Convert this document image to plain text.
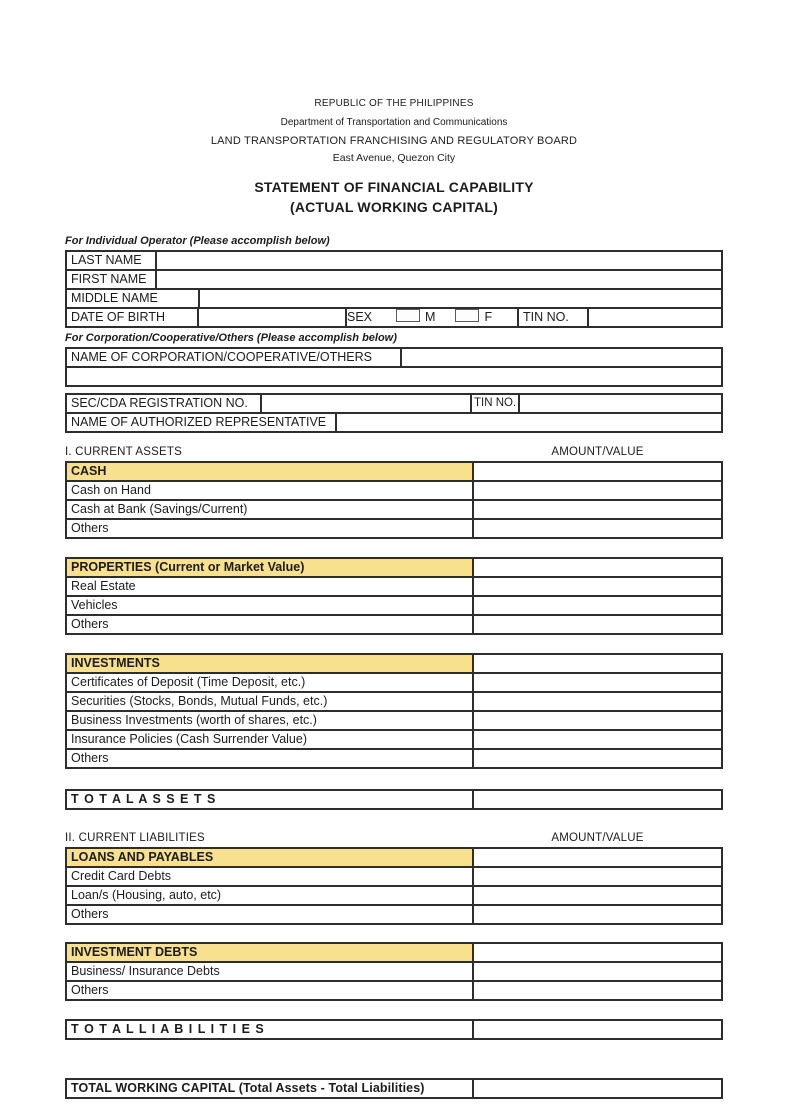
REPUBLIC OF THE PHILIPPINES
Department of Transportation and Communications
LAND TRANSPORTATION FRANCHISING AND REGULATORY BOARD
East Avenue, Quezon City
STATEMENT OF FINANCIAL CAPABILITY
(ACTUAL WORKING CAPITAL)
For Individual Operator (Please accomplish below)
LAST NAME
FIRST NAME
MIDDLE NAME
DATE OF BIRTH	SEX	M	F	TIN NO.
For Corporation/Cooperative/Others (Please accomplish below)
NAME OF CORPORATION/COOPERATIVE/OTHERS
SEC/CDA REGISTRATION NO.	TIN NO.
NAME OF AUTHORIZED REPRESENTATIVE
I. CURRENT ASSETS	AMOUNT/VALUE
CASH
Cash on Hand
Cash at Bank (Savings/Current)
Others
PROPERTIES (Current or Market Value)
Real Estate
Vehicles
Others
INVESTMENTS
Certificates of Deposit (Time Deposit, etc.)
Securities (Stocks, Bonds, Mutual Funds, etc.)
Business Investments (worth of shares, etc.)
Insurance Policies (Cash Surrender Value)
Others
T O T A L A S S E T S
II. CURRENT LIABILITIES	AMOUNT/VALUE
LOANS AND PAYABLES
Credit Card Debts
Loan/s (Housing, auto, etc)
Others
INVESTMENT DEBTS
Business/ Insurance Debts
Others
T O T A L L I A B I L I T I E S
TOTAL WORKING CAPITAL (Total Assets - Total Liabilities)
